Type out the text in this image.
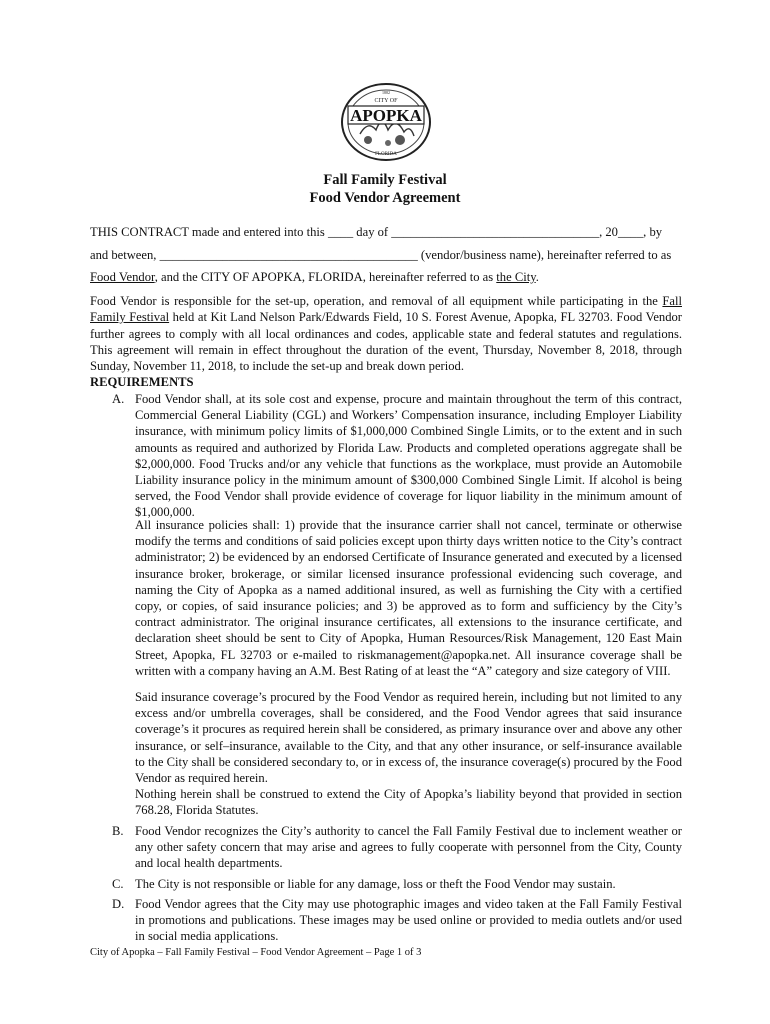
APOPKA
1882
CITY OF
FLORIDA
Fall Family Festival
Food Vendor Agreement
THIS CONTRACT made and entered into this ____ day of _________________________________, 20____, by
and between, _________________________________________ (vendor/business name), hereinafter referred to as
Food Vendor, and the CITY OF APOPKA, FLORIDA, hereinafter referred to as the City.
Food Vendor is responsible for the set-up, operation, and removal of all equipment while participating in the Fall Family Festival held at Kit Land Nelson Park/Edwards Field, 10 S. Forest Avenue, Apopka, FL 32703. Food Vendor further agrees to comply with all local ordinances and codes, applicable state and federal statutes and regulations. This agreement will remain in effect throughout the duration of the event, Thursday, November 8, 2018, through Sunday, November 11, 2018, to include the set-up and break down period.
REQUIREMENTS
A. Food Vendor shall, at its sole cost and expense, procure and maintain throughout the term of this contract, Commercial General Liability (CGL) and Workers’ Compensation insurance, including Employer Liability insurance, with minimum policy limits of $1,000,000 Combined Single Limits, or to the extent and in such amounts as required and authorized by Florida Law. Products and completed operations aggregate shall be $2,000,000. Food Trucks and/or any vehicle that functions as the workplace, must provide an Automobile Liability insurance policy in the minimum amount of $300,000 Combined Single Limit. If alcohol is being served, the Food Vendor shall provide evidence of coverage for liquor liability in the minimum amount of $1,000,000.
All insurance policies shall: 1) provide that the insurance carrier shall not cancel, terminate or otherwise modify the terms and conditions of said policies except upon thirty days written notice to the City’s contract administrator; 2) be evidenced by an endorsed Certificate of Insurance generated and executed by a licensed insurance broker, brokerage, or similar licensed insurance professional evidencing such coverage, and naming the City of Apopka as a named additional insured, as well as furnishing the City with a certified copy, or copies, of said insurance policies; and 3) be approved as to form and sufficiency by the City’s contract administrator. The original insurance certificates, all extensions to the insurance certificate, and declaration sheet should be sent to City of Apopka, Human Resources/Risk Management, 120 East Main Street, Apopka, FL 32703 or e-mailed to riskmanagement@apopka.net. All insurance coverage shall be written with a company having an A.M. Best Rating of at least the “A” category and size category of VIII.
Said insurance coverage’s procured by the Food Vendor as required herein, including but not limited to any excess and/or umbrella coverages, shall be considered, and the Food Vendor agrees that said insurance coverage’s it procures as required herein shall be considered, as primary insurance over and above any other insurance, or self–insurance, available to the City, and that any other insurance, or self-insurance available to the City shall be considered secondary to, or in excess of, the insurance coverage(s) procured by the Food Vendor as required herein.
Nothing herein shall be construed to extend the City of Apopka’s liability beyond that provided in section 768.28, Florida Statutes.
B. Food Vendor recognizes the City’s authority to cancel the Fall Family Festival due to inclement weather or any other safety concern that may arise and agrees to fully cooperate with personnel from the City, County and local health departments.
C. The City is not responsible or liable for any damage, loss or theft the Food Vendor may sustain.
D. Food Vendor agrees that the City may use photographic images and video taken at the Fall Family Festival in promotions and publications. These images may be used online or provided to media outlets and/or used in social media applications.
City of Apopka – Fall Family Festival – Food Vendor Agreement – Page 1 of 3
